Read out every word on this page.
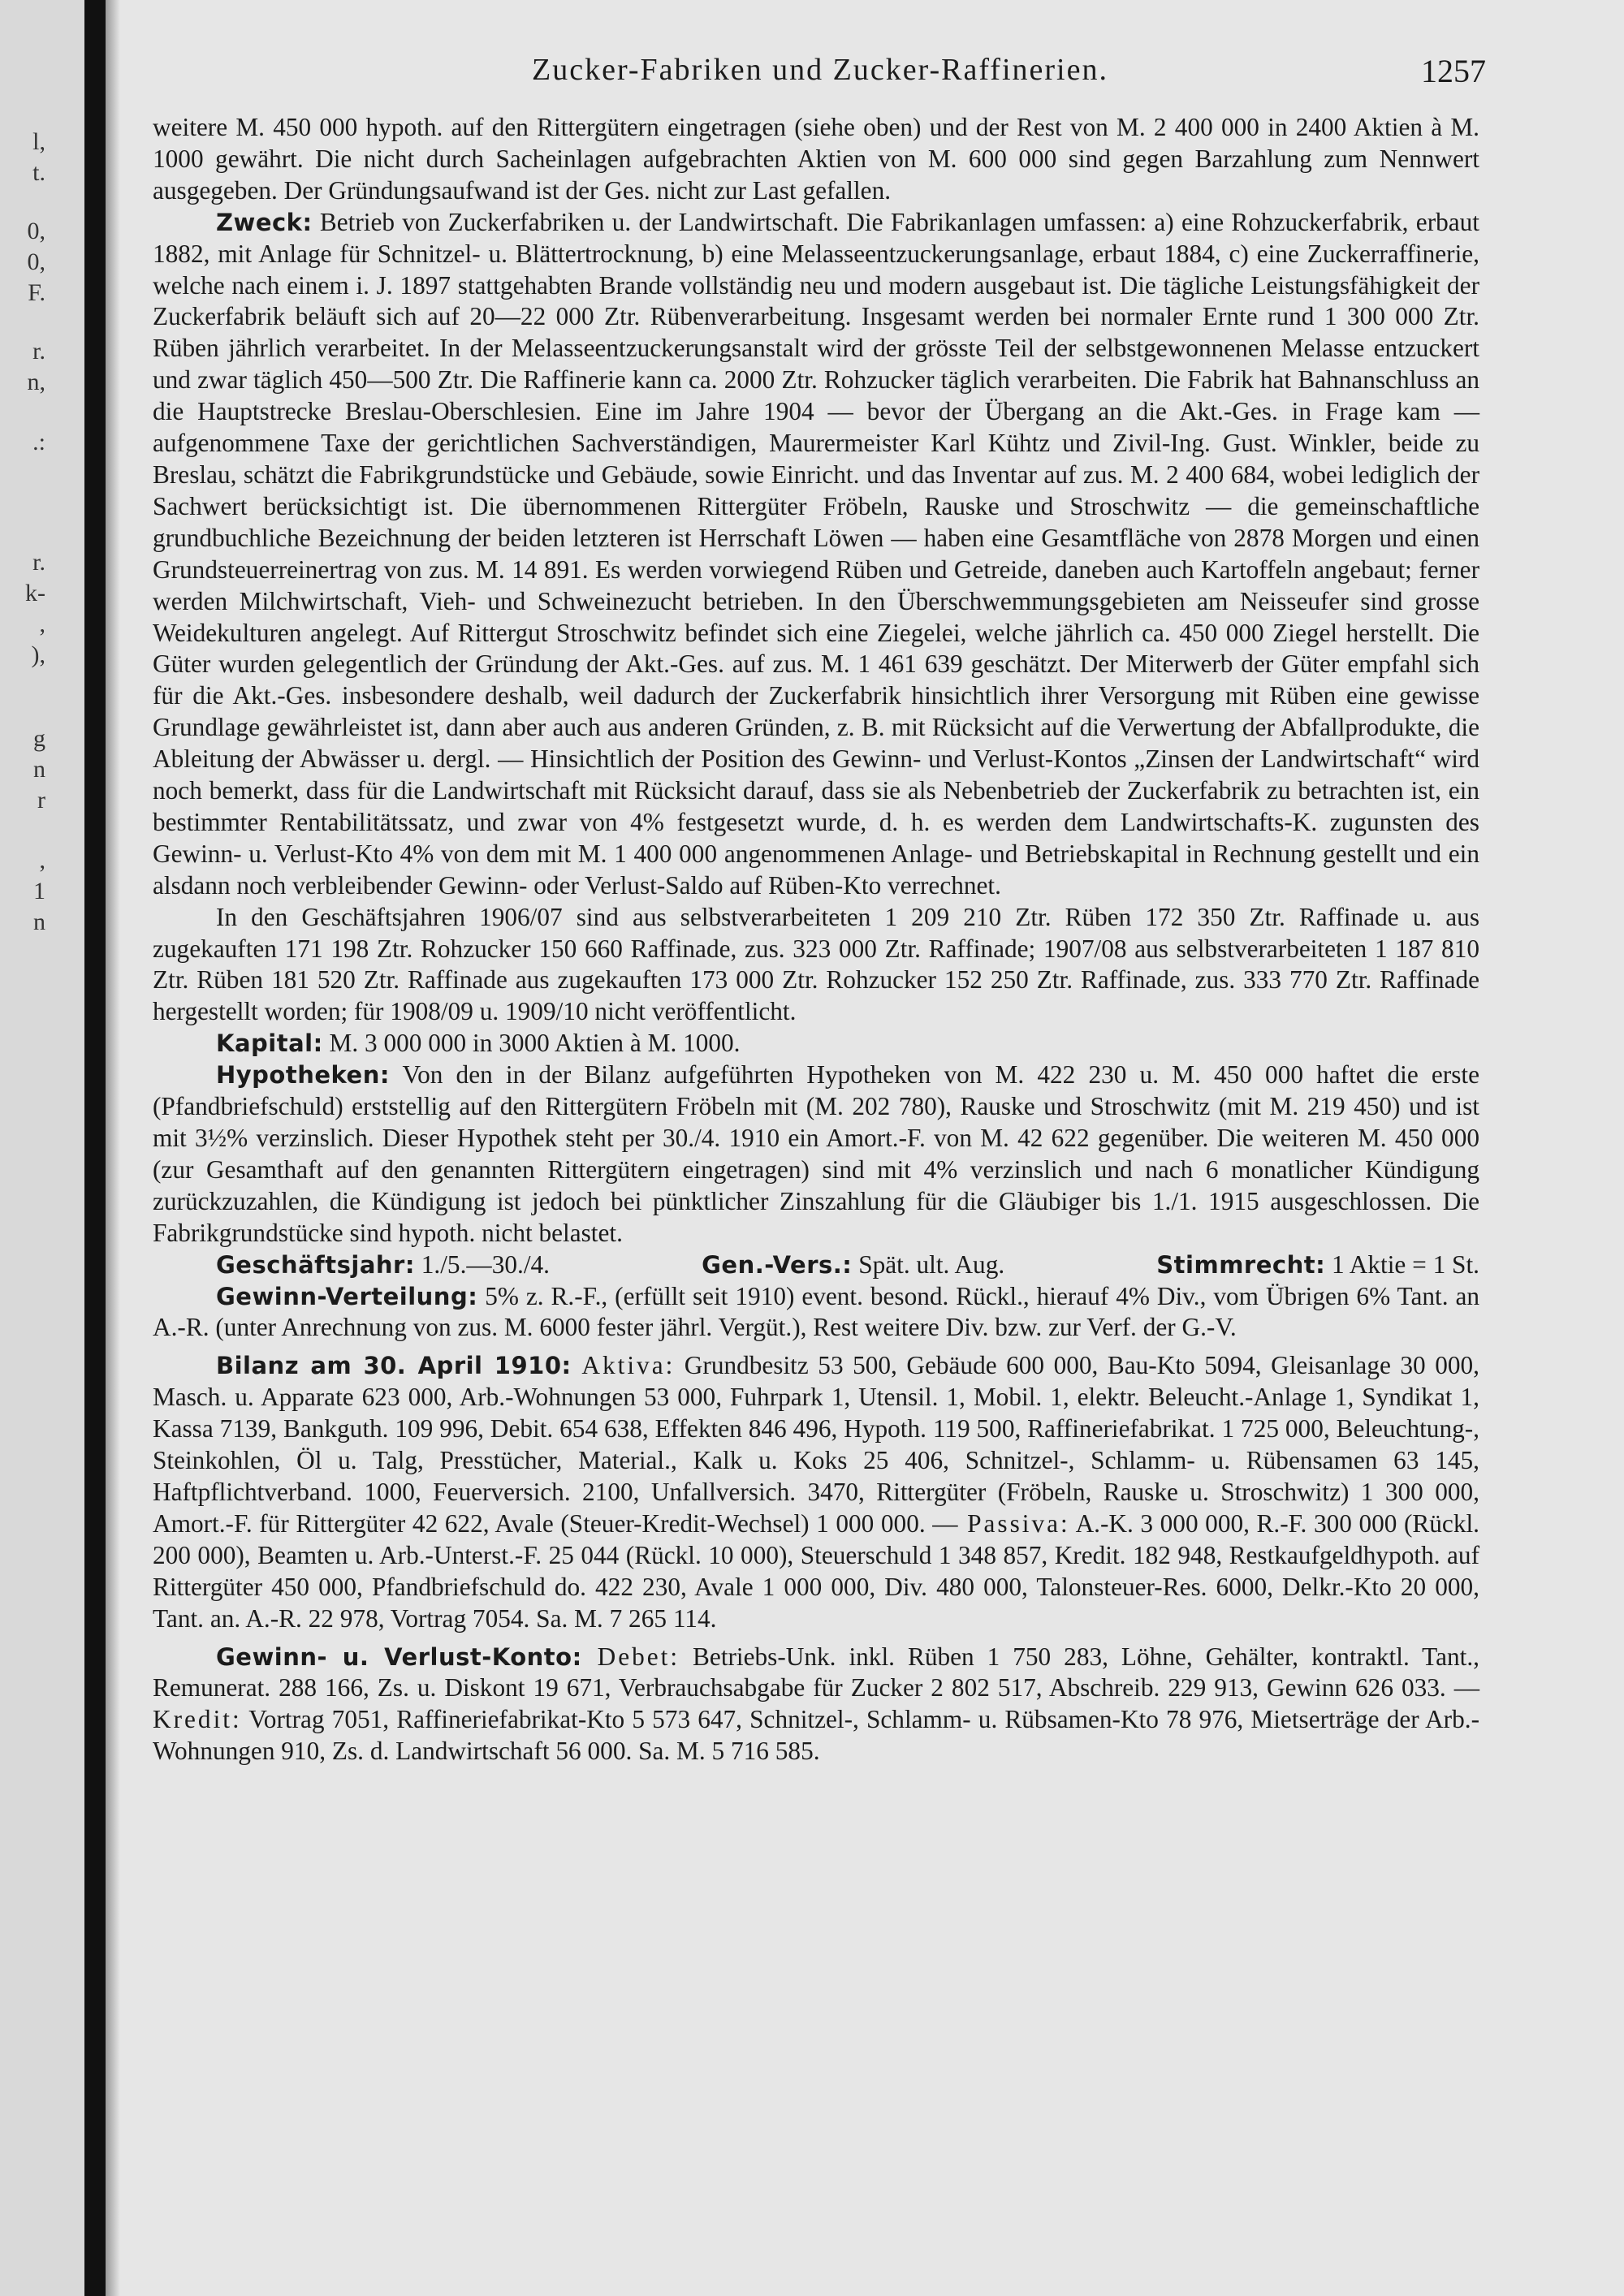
l,
t.
0,
0,
F.
r.
n,
.:
r.
k-
,
),
g
n
r
,
1
n
Zucker-Fabriken und Zucker-Raffinerien.	1257

weitere M. 450 000 hypoth. auf den Rittergütern eingetragen (siehe oben) und der Rest von M. 2 400 000 in 2400 Aktien à M. 1000 gewährt. Die nicht durch Sacheinlagen aufgebrachten Aktien von M. 600 000 sind gegen Barzahlung zum Nennwert ausgegeben. Der Gründungsaufwand ist der Ges. nicht zur Last gefallen.

Zweck: Betrieb von Zuckerfabriken u. der Landwirtschaft. Die Fabrikanlagen umfassen: a) eine Rohzuckerfabrik, erbaut 1882, mit Anlage für Schnitzel- u. Blättertrocknung, b) eine Melasseentzuckerungsanlage, erbaut 1884, c) eine Zuckerraffinerie, welche nach einem i. J. 1897 stattgehabten Brande vollständig neu und modern ausgebaut ist. Die tägliche Leistungsfähigkeit der Zuckerfabrik beläuft sich auf 20—22 000 Ztr. Rübenverarbeitung. Insgesamt werden bei normaler Ernte rund 1 300 000 Ztr. Rüben jährlich verarbeitet. In der Melasseentzuckerungsanstalt wird der grösste Teil der selbstgewonnenen Melasse entzuckert und zwar täglich 450—500 Ztr. Die Raffinerie kann ca. 2000 Ztr. Rohzucker täglich verarbeiten. Die Fabrik hat Bahnanschluss an die Hauptstrecke Breslau-Oberschlesien. Eine im Jahre 1904 — bevor der Übergang an die Akt.-Ges. in Frage kam — aufgenommene Taxe der gerichtlichen Sachverständigen, Maurermeister Karl Kühtz und Zivil-Ing. Gust. Winkler, beide zu Breslau, schätzt die Fabrikgrundstücke und Gebäude, sowie Einricht. und das Inventar auf zus. M. 2 400 684, wobei lediglich der Sachwert berücksichtigt ist. Die übernommenen Rittergüter Fröbeln, Rauske und Stroschwitz — die gemeinschaftliche grundbuchliche Bezeichnung der beiden letzteren ist Herrschaft Löwen — haben eine Gesamtfläche von 2878 Morgen und einen Grundsteuerreinertrag von zus. M. 14 891. Es werden vorwiegend Rüben und Getreide, daneben auch Kartoffeln angebaut; ferner werden Milchwirtschaft, Vieh- und Schweinezucht betrieben. In den Überschwemmungsgebieten am Neisseufer sind grosse Weidekulturen angelegt. Auf Rittergut Stroschwitz befindet sich eine Ziegelei, welche jährlich ca. 450 000 Ziegel herstellt. Die Güter wurden gelegentlich der Gründung der Akt.-Ges. auf zus. M. 1 461 639 geschätzt. Der Miterwerb der Güter empfahl sich für die Akt.-Ges. insbesondere deshalb, weil dadurch der Zuckerfabrik hinsichtlich ihrer Versorgung mit Rüben eine gewisse Grundlage gewährleistet ist, dann aber auch aus anderen Gründen, z. B. mit Rücksicht auf die Verwertung der Abfallprodukte, die Ableitung der Abwässer u. dergl. — Hinsichtlich der Position des Gewinn- und Verlust-Kontos „Zinsen der Landwirtschaft“ wird noch bemerkt, dass für die Landwirtschaft mit Rücksicht darauf, dass sie als Nebenbetrieb der Zuckerfabrik zu betrachten ist, ein bestimmter Rentabilitätssatz, und zwar von 4% festgesetzt wurde, d. h. es werden dem Landwirtschafts-K. zugunsten des Gewinn- u. Verlust-Kto 4% von dem mit M. 1 400 000 angenommenen Anlage- und Betriebskapital in Rechnung gestellt und ein alsdann noch verbleibender Gewinn- oder Verlust-Saldo auf Rüben-Kto verrechnet.

In den Geschäftsjahren 1906/07 sind aus selbstverarbeiteten 1 209 210 Ztr. Rüben 172 350 Ztr. Raffinade u. aus zugekauften 171 198 Ztr. Rohzucker 150 660 Raffinade, zus. 323 000 Ztr. Raffinade; 1907/08 aus selbstverarbeiteten 1 187 810 Ztr. Rüben 181 520 Ztr. Raffinade aus zugekauften 173 000 Ztr. Rohzucker 152 250 Ztr. Raffinade, zus. 333 770 Ztr. Raffinade hergestellt worden; für 1908/09 u. 1909/10 nicht veröffentlicht.

Kapital: M. 3 000 000 in 3000 Aktien à M. 1000.

Hypotheken: Von den in der Bilanz aufgeführten Hypotheken von M. 422 230 u. M. 450 000 haftet die erste (Pfandbriefschuld) erststellig auf den Rittergütern Fröbeln mit (M. 202 780), Rauske und Stroschwitz (mit M. 219 450) und ist mit 3½% verzinslich. Dieser Hypothek steht per 30./4. 1910 ein Amort.-F. von M. 42 622 gegenüber. Die weiteren M. 450 000 (zur Gesamthaft auf den genannten Rittergütern eingetragen) sind mit 4% verzinslich und nach 6 monatlicher Kündigung zurückzuzahlen, die Kündigung ist jedoch bei pünktlicher Zinszahlung für die Gläubiger bis 1./1. 1915 ausgeschlossen. Die Fabrikgrundstücke sind hypoth. nicht belastet.

Geschäftsjahr: 1./5.—30./4.	Gen.-Vers.: Spät. ult. Aug.	Stimmrecht: 1 Aktie = 1 St.

Gewinn-Verteilung: 5% z. R.-F., (erfüllt seit 1910) event. besond. Rückl., hierauf 4% Div., vom Übrigen 6% Tant. an A.-R. (unter Anrechnung von zus. M. 6000 fester jährl. Vergüt.), Rest weitere Div. bzw. zur Verf. der G.-V.

Bilanz am 30. April 1910: Aktiva: Grundbesitz 53 500, Gebäude 600 000, Bau-Kto 5094, Gleisanlage 30 000, Masch. u. Apparate 623 000, Arb.-Wohnungen 53 000, Fuhrpark 1, Utensil. 1, Mobil. 1, elektr. Beleucht.-Anlage 1, Syndikat 1, Kassa 7139, Bankguth. 109 996, Debit. 654 638, Effekten 846 496, Hypoth. 119 500, Raffineriefabrikat. 1 725 000, Beleuchtung-, Steinkohlen, Öl u. Talg, Presstücher, Material., Kalk u. Koks 25 406, Schnitzel-, Schlamm- u. Rübensamen 63 145, Haftpflichtverband. 1000, Feuerversich. 2100, Unfallversich. 3470, Rittergüter (Fröbeln, Rauske u. Stroschwitz) 1 300 000, Amort.-F. für Rittergüter 42 622, Avale (Steuer-Kredit-Wechsel) 1 000 000. — Passiva: A.-K. 3 000 000, R.-F. 300 000 (Rückl. 200 000), Beamten u. Arb.-Unterst.-F. 25 044 (Rückl. 10 000), Steuerschuld 1 348 857, Kredit. 182 948, Restkaufgeldhypoth. auf Rittergüter 450 000, Pfandbriefschuld do. 422 230, Avale 1 000 000, Div. 480 000, Talonsteuer-Res. 6000, Delkr.-Kto 20 000, Tant. an. A.-R. 22 978, Vortrag 7054. Sa. M. 7 265 114.

Gewinn- u. Verlust-Konto: Debet: Betriebs-Unk. inkl. Rüben 1 750 283, Löhne, Gehälter, kontraktl. Tant., Remunerat. 288 166, Zs. u. Diskont 19 671, Verbrauchsabgabe für Zucker 2 802 517, Abschreib. 229 913, Gewinn 626 033. — Kredit: Vortrag 7051, Raffineriefabrikat-Kto 5 573 647, Schnitzel-, Schlamm- u. Rübsamen-Kto 78 976, Mietserträge der Arb.-Wohnungen 910, Zs. d. Landwirtschaft 56 000. Sa. M. 5 716 585.
